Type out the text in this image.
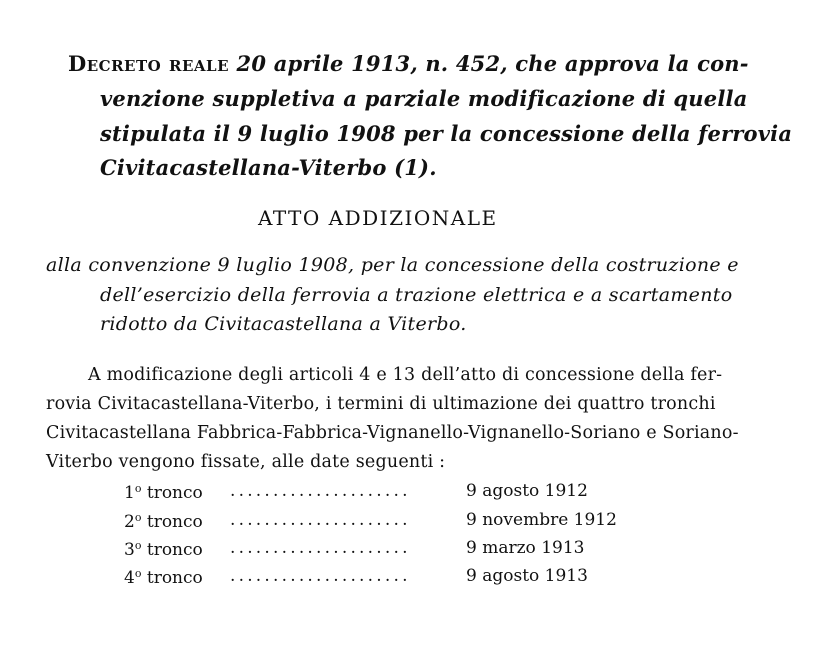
Decreto reale 20 aprile 1913, n. 452, che approva la con-
venzione suppletiva a parziale modificazione di quella
stipulata il 9 luglio 1908 per la concessione della ferrovia
Civitacastellana-Viterbo (1).
ATTO ADDIZIONALE
alla convenzione 9 luglio 1908, per la concessione della costruzione e
dell’esercizio della ferrovia a trazione elettrica e a scartamento
ridotto da Civitacastellana a Viterbo.
A modificazione degli articoli 4 e 13 dell’atto di concessione della fer-
rovia Civitacastellana-Viterbo, i termini di ultimazione dei quattro tronchi
Civitacastellana Fabbrica-Fabbrica-Vignanello-Vignanello-Soriano e Soriano-
Viterbo vengono fissate, alle date seguenti :
1$^o$ tronco .....................	9 agosto 1912
2$^o$ tronco .....................	9 novembre 1912
3$^o$ tronco .....................	9 marzo 1913
4$^o$ tronco .....................	9 agosto 1913
